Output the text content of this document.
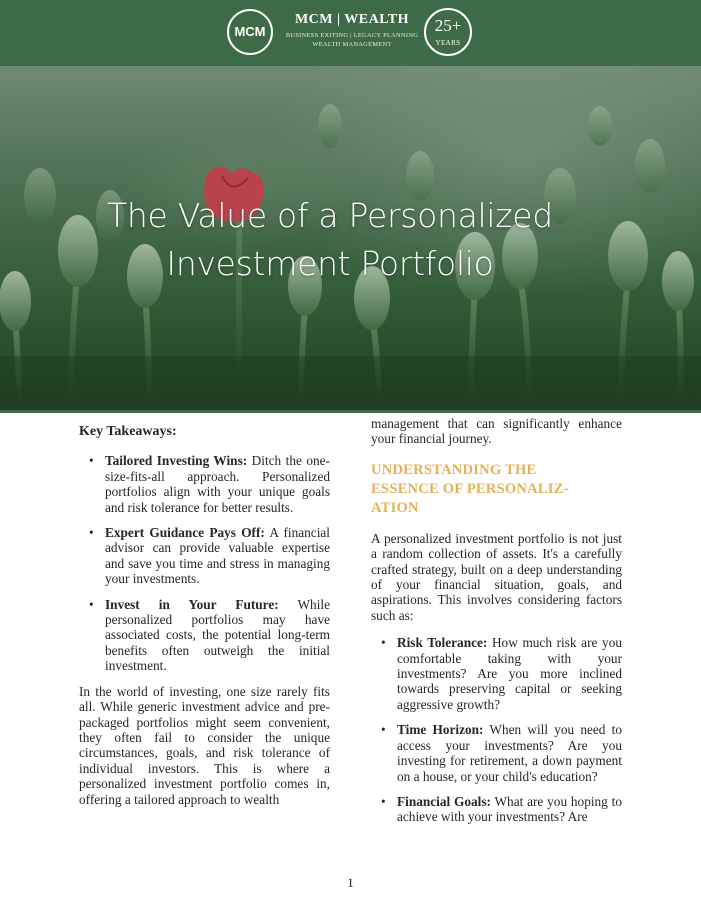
MCM
MCM | WEALTH
BUSINESS EXITING | LEGACY PLANNING
WEALTH MANAGEMENT
25+
YEARS
The Value of a Personalized
Investment Portfolio
Key Takeaways:
• Tailored Investing Wins: Ditch the one-size-fits-all approach. Personalized portfolios align with your unique goals and risk tolerance for better results.
• Expert Guidance Pays Off: A financial advisor can provide valuable expertise and save you time and stress in managing your investments.
• Invest in Your Future: While personalized portfolios may have associated costs, the potential long-term benefits often outweigh the initial investment.
In the world of investing, one size rarely fits all. While generic investment advice and pre-packaged portfolios might seem convenient, they often fail to consider the unique circumstances, goals, and risk tolerance of individual investors. This is where a personalized investment portfolio comes in, offering a tailored approach to wealth
management that can significantly enhance your financial journey.
UNDERSTANDING THE
ESSENCE OF PERSONALIZ-
ATION
A personalized investment portfolio is not just a random collection of assets. It's a carefully crafted strategy, built on a deep understanding of your financial situation, goals, and aspirations. This involves considering factors such as:
• Risk Tolerance: How much risk are you comfortable taking with your investments? Are you more inclined towards preserving capital or seeking aggressive growth?
• Time Horizon: When will you need to access your investments? Are you investing for retirement, a down payment on a house, or your child's education?
• Financial Goals: What are you hoping to achieve with your investments? Are
1
